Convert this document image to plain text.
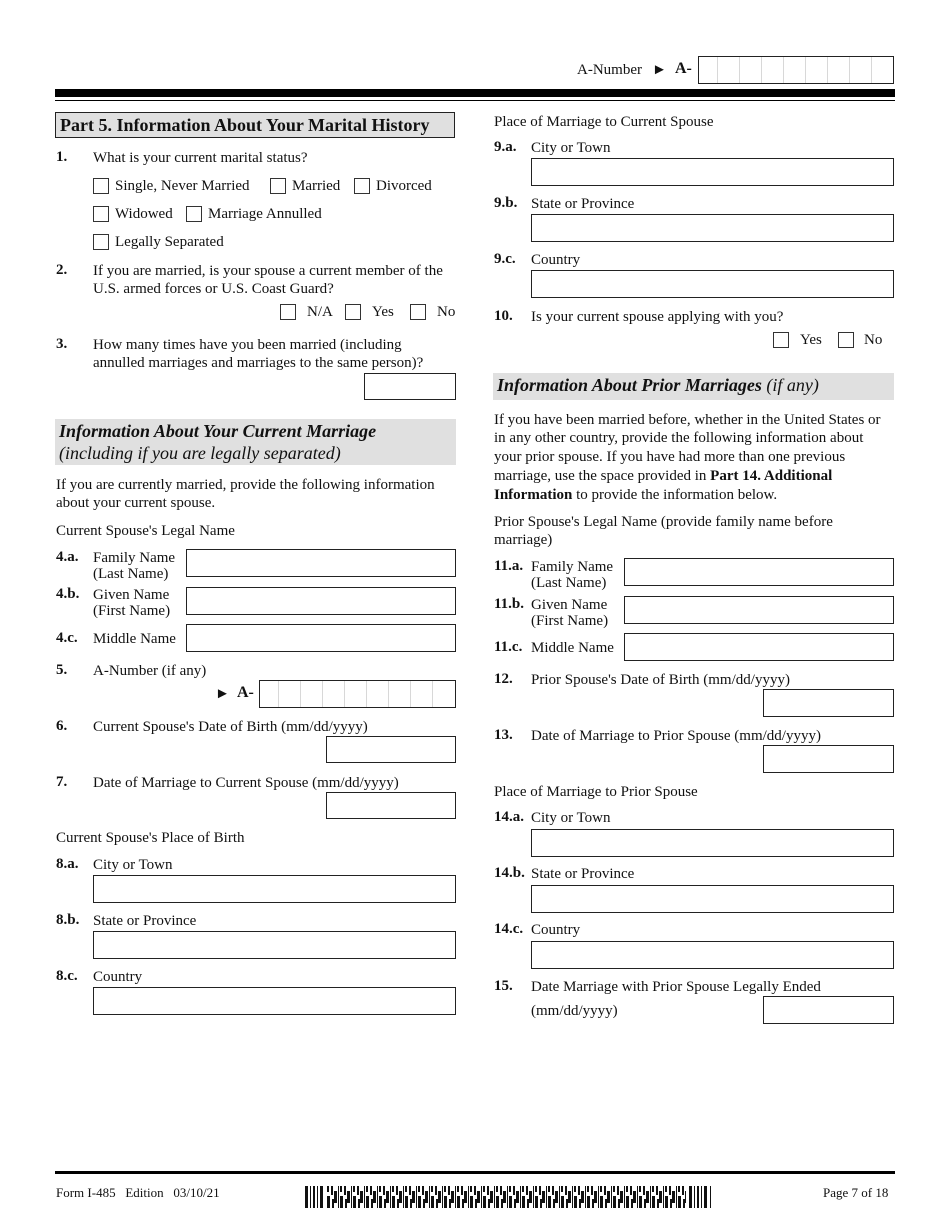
A-Number ► A-
Part 5. Information About Your Marital History
1. What is your current marital status?
Single, Never Married	Married Divorced
Widowed Marriage Annulled
Legally Separated
2. If you are married, is your spouse a current member of the
U.S. armed forces or U.S. Coast Guard?
N/A	Yes	No
3. How many times have you been married (including
annulled marriages and marriages to the same person)?
Information About Your Current Marriage
(including if you are legally separated)
If you are currently married, provide the following information
about your current spouse.
Current Spouse's Legal Name
4.a. Family Name
(Last Name)
4.b. Given Name
(First Name)
4.c. Middle Name
5. A-Number (if any)
► A-
6. Current Spouse's Date of Birth (mm/dd/yyyy)
7. Date of Marriage to Current Spouse (mm/dd/yyyy)
Current Spouse's Place of Birth
8.a. City or Town
8.b. State or Province
8.c. Country
Place of Marriage to Current Spouse
9.a. City or Town
9.b. State or Province
9.c. Country
10. Is your current spouse applying with you?
Yes	No
Information About Prior Marriages (if any)
If you have been married before, whether in the United States or
in any other country, provide the following information about
your prior spouse. If you have had more than one previous
marriage, use the space provided in Part 14. Additional
Information to provide the information below.
Prior Spouse's Legal Name (provide family name before
marriage)
11.a. Family Name
(Last Name)
11.b. Given Name
(First Name)
11.c. Middle Name
12. Prior Spouse's Date of Birth (mm/dd/yyyy)
13. Date of Marriage to Prior Spouse (mm/dd/yyyy)
Place of Marriage to Prior Spouse
14.a. City or Town
14.b. State or Province
14.c. Country
15. Date Marriage with Prior Spouse Legally Ended
(mm/dd/yyyy)
Form I-485   Edition   03/10/21	Page 7 of 18
